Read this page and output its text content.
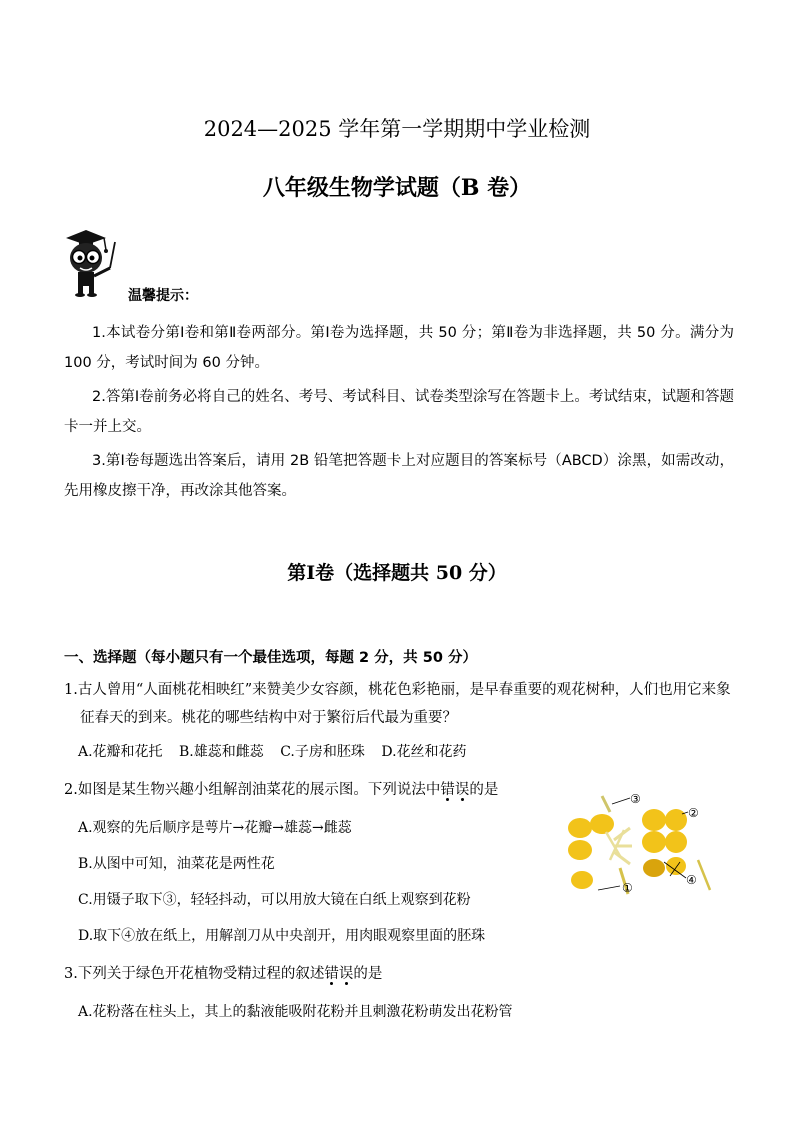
2024—2025 学年第一学期期中学业检测
八年级生物学试题（B 卷）
温馨提示：
1.本试卷分第Ⅰ卷和第Ⅱ卷两部分。第Ⅰ卷为选择题，共 50 分；第Ⅱ卷为非选择题，共 50 分。满分为 100 分，考试时间为 60 分钟。
2.答第Ⅰ卷前务必将自己的姓名、考号、考试科目、试卷类型涂写在答题卡上。考试结束，试题和答题卡一并上交。
3.第Ⅰ卷每题选出答案后，请用 2B 铅笔把答题卡上对应题目的答案标号（ABCD）涂黑，如需改动，先用橡皮擦干净，再改涂其他答案。
第Ⅰ卷（选择题共 50 分）
一、选择题（每小题只有一个最佳选项，每题 2 分，共 50 分）
1.古人曾用“人面桃花相映红”来赞美少女容颜，桃花色彩艳丽，是早春重要的观花树种，人们也用它来象征春天的到来。桃花的哪些结构中对于繁衍后代最为重要？
A.花瓣和花托 B.雄蕊和雌蕊 C.子房和胚珠 D.花丝和花药
2.如图是某生物兴趣小组解剖油菜花的展示图。下列说法中错误的是
A.观察的先后顺序是萼片→花瓣→雄蕊→雌蕊
B.从图中可知，油菜花是两性花
C.用镊子取下③，轻轻抖动，可以用放大镜在白纸上观察到花粉
D.取下④放在纸上，用解剖刀从中央剖开，用肉眼观察里面的胚珠
③
②
①
④
3.下列关于绿色开花植物受精过程的叙述错误的是
A.花粉落在柱头上，其上的黏液能吸附花粉并且刺激花粉萌发出花粉管
